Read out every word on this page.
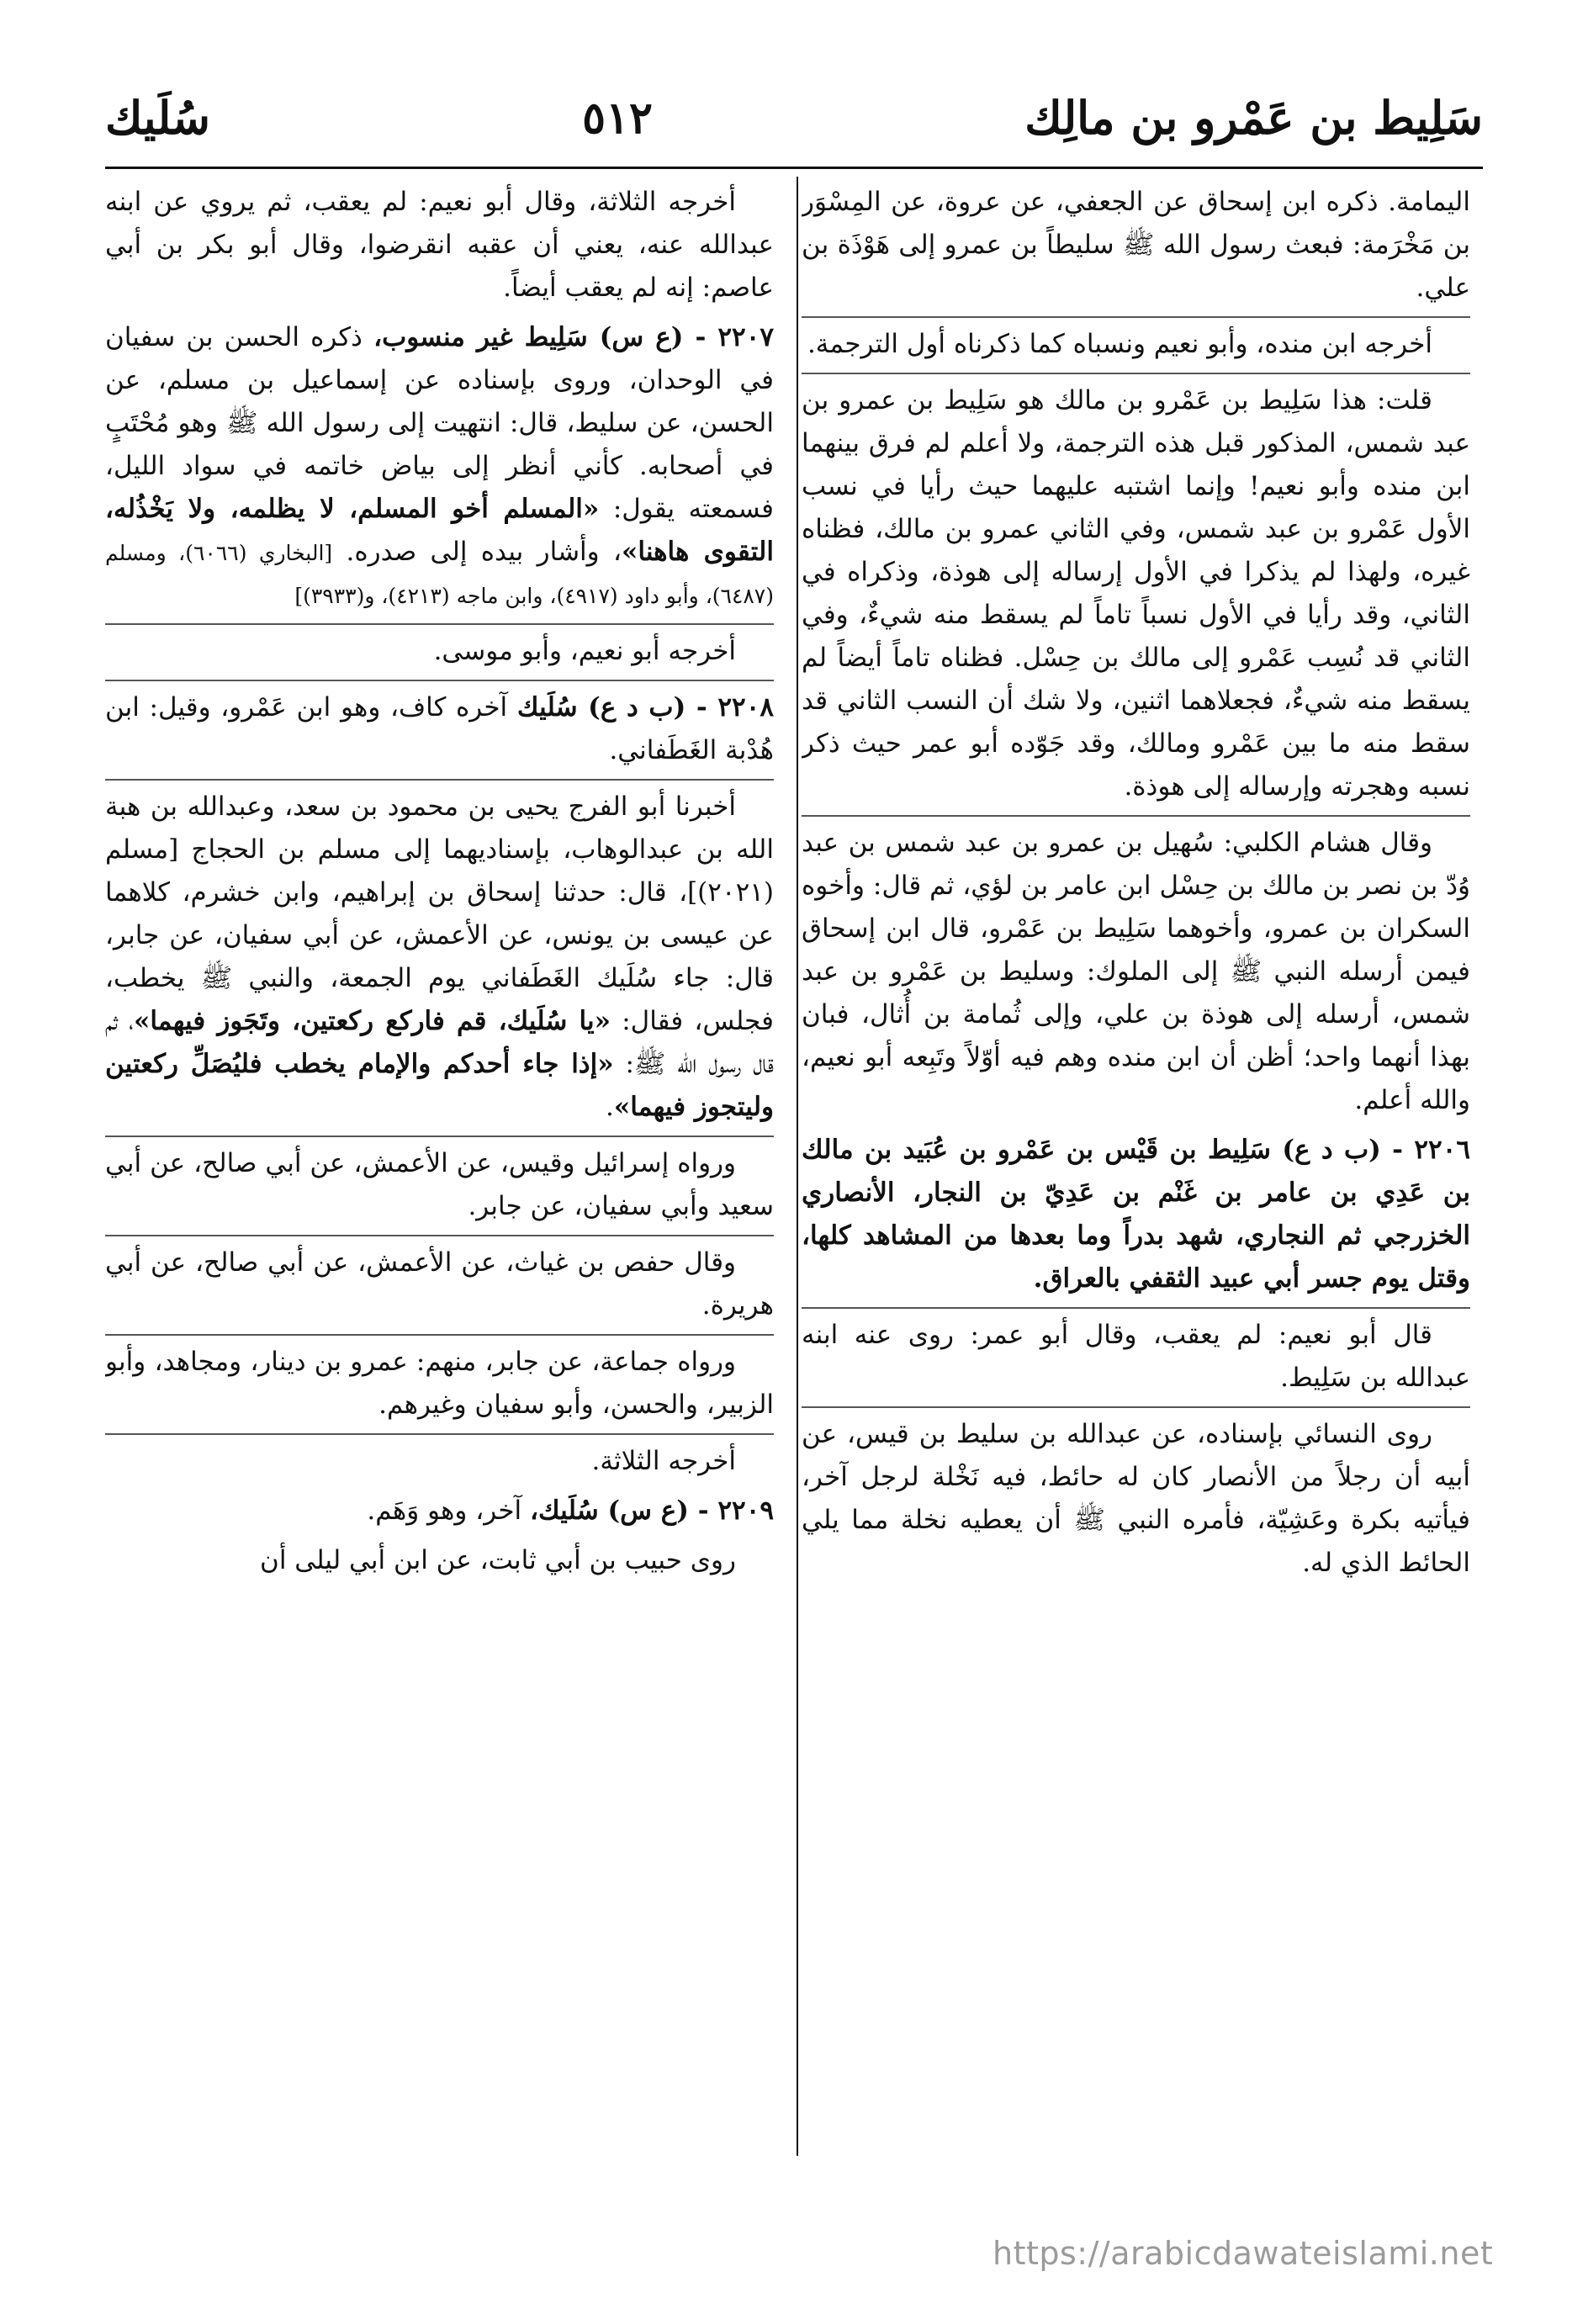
سَلِيط بن عَمْرو بن مالِك
٥١٢
سُلَيك

اليمامة. ذكره ابن إسحاق عن الجعفي، عن عروة، عن المِسْوَر بن مَخْرَمة: فبعث رسول الله ﷺ سليطاً بن عمرو إلى هَوْذَة بن علي.

أخرجه ابن منده، وأبو نعيم ونسباه كما ذكرناه أول الترجمة.

قلت: هذا سَلِيط بن عَمْرو بن مالك هو سَلِيط بن عمرو بن عبد شمس، المذكور قبل هذه الترجمة، ولا أعلم لم فرق بينهما ابن منده وأبو نعيم! وإنما اشتبه عليهما حيث رأيا في نسب الأول عَمْرو بن عبد شمس، وفي الثاني عمرو بن مالك، فظناه غيره، ولهذا لم يذكرا في الأول إرساله إلى هوذة، وذكراه في الثاني، وقد رأيا في الأول نسباً تاماً لم يسقط منه شيءٌ، وفي الثاني قد نُسِب عَمْرو إلى مالك بن حِسْل. فظناه تاماً أيضاً لم يسقط منه شيءٌ، فجعلاهما اثنين، ولا شك أن النسب الثاني قد سقط منه ما بين عَمْرو ومالك، وقد جَوّده أبو عمر حيث ذكر نسبه وهجرته وإرساله إلى هوذة.

وقال هشام الكلبي: سُهيل بن عمرو بن عبد شمس بن عبد وُدّ بن نصر بن مالك بن حِسْل ابن عامر بن لؤي، ثم قال: وأخوه السكران بن عمرو، وأخوهما سَلِيط بن عَمْرو، قال ابن إسحاق فيمن أرسله النبي ﷺ إلى الملوك: وسليط بن عَمْرو بن عبد شمس، أرسله إلى هوذة بن علي، وإلى ثُمامة بن أُثال، فبان بهذا أنهما واحد؛ أظن أن ابن منده وهم فيه أوّلاً وتَبِعه أبو نعيم، والله أعلم.

٢٢٠٦ - (ب د ع) سَلِيط بن قَيْس بن عَمْرو بن عُبَيد بن مالك بن عَدِي بن عامر بن غَنْم بن عَدِيّ بن النجار، الأنصاري الخزرجي ثم النجاري، شهد بدراً وما بعدها من المشاهد كلها، وقتل يوم جسر أبي عبيد الثقفي بالعراق.

قال أبو نعيم: لم يعقب، وقال أبو عمر: روى عنه ابنه عبدالله بن سَلِيط.

روى النسائي بإسناده، عن عبدالله بن سليط بن قيس، عن أبيه أن رجلاً من الأنصار كان له حائط، فيه نَخْلة لرجل آخر، فيأتيه بكرة وعَشِيّة، فأمره النبي ﷺ أن يعطيه نخلة مما يلي الحائط الذي له.

أخرجه الثلاثة، وقال أبو نعيم: لم يعقب، ثم يروي عن ابنه عبدالله عنه، يعني أن عقبه انقرضوا، وقال أبو بكر بن أبي عاصم: إنه لم يعقب أيضاً.

٢٢٠٧ - (ع س) سَلِيط غير منسوب، ذكره الحسن بن سفيان في الوحدان، وروى بإسناده عن إسماعيل بن مسلم، عن الحسن، عن سليط، قال: انتهيت إلى رسول الله ﷺ وهو مُحْتَبٍ في أصحابه. كأني أنظر إلى بياض خاتمه في سواد الليل، فسمعته يقول: «المسلم أخو المسلم، لا يظلمه، ولا يَخْذُله، التقوى هاهنا»، وأشار بيده إلى صدره. [البخاري (٦٠٦٦)، ومسلم (٦٤٨٧)، وأبو داود (٤٩١٧)، وابن ماجه (٤٢١٣)، و(٣٩٣٣)]

أخرجه أبو نعيم، وأبو موسى.

٢٢٠٨ - (ب د ع) سُلَيك آخره كاف، وهو ابن عَمْرو، وقيل: ابن هُدْبة الغَطَفاني.

أخبرنا أبو الفرج يحيى بن محمود بن سعد، وعبدالله بن هبة الله بن عبدالوهاب، بإسناديهما إلى مسلم بن الحجاج [مسلم (٢٠٢١)]، قال: حدثنا إسحاق بن إبراهيم، وابن خشرم، كلاهما عن عيسى بن يونس، عن الأعمش، عن أبي سفيان، عن جابر، قال: جاء سُلَيك الغَطَفاني يوم الجمعة، والنبي ﷺ يخطب، فجلس، فقال: «يا سُلَيك، قم فاركع ركعتين، وتَجَوز فيهما»، ثم قال رسول الله ﷺ: «إذا جاء أحدكم والإمام يخطب فليُصَلِّ ركعتين وليتجوز فيهما».

ورواه إسرائيل وقيس، عن الأعمش، عن أبي صالح، عن أبي سعيد وأبي سفيان، عن جابر.

وقال حفص بن غياث، عن الأعمش، عن أبي صالح، عن أبي هريرة.

ورواه جماعة، عن جابر، منهم: عمرو بن دينار، ومجاهد، وأبو الزبير، والحسن، وأبو سفيان وغيرهم.

أخرجه الثلاثة.

٢٢٠٩ - (ع س) سُلَيك، آخر، وهو وَهَم.

روى حبيب بن أبي ثابت، عن ابن أبي ليلى أن

https://arabicdawateislami.net
